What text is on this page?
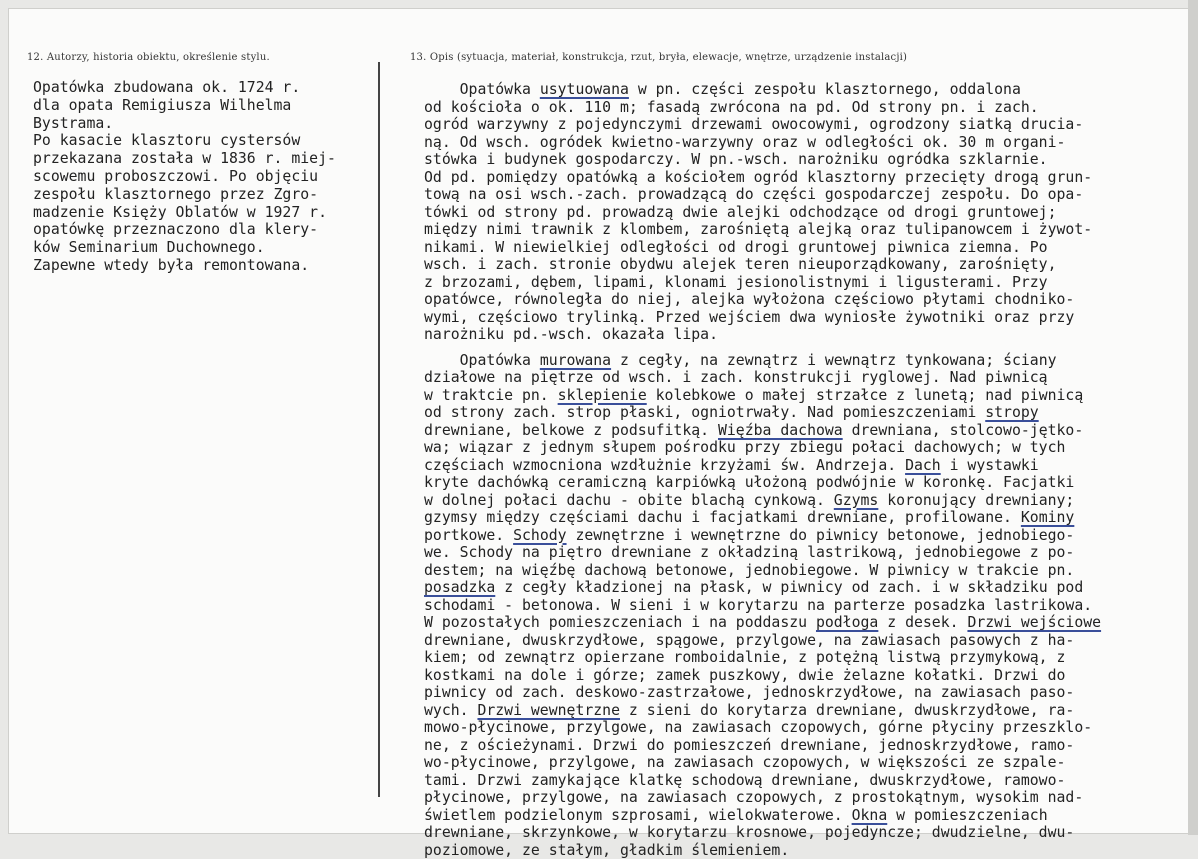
12. Autorzy, historia obiektu, określenie stylu.	13. Opis (sytuacja, materiał, konstrukcja, rzut, bryła, elewacje, wnętrze, urządzenie instalacji)
Opatówka zbudowana ok. 1724 r.
dla opata Remigiusza Wilhelma
Bystrama.
Po kasacie klasztoru cystersów
przekazana została w 1836 r. miej-
scowemu proboszczowi. Po objęciu
zespołu klasztornego przez Zgro-
madzenie Księży Oblatów w 1927 r.
opatówkę przeznaczono dla klery-
ków Seminarium Duchownego.
Zapewne wtedy była remontowana.
Opatówka usytuowana w pn. części zespołu klasztornego, oddalona
od kościoła o ok. 110 m; fasadą zwrócona na pd. Od strony pn. i zach.
ogród warzywny z pojedynczymi drzewami owocowymi, ogrodzony siatką druciа-
ną. Od wsch. ogródek kwietno-warzywny oraz w odległości ok. 30 m organi-
stówka i budynek gospodarczy. W pn.-wsch. narożniku ogródka szklarnie.
Od pd. pomiędzy opatówką a kościołem ogród klasztorny przecięty drogą grun-
tową na osi wsch.-zach. prowadzącą do części gospodarczej zespołu. Do opa-
tówki od strony pd. prowadzą dwie alejki odchodzące od drogi gruntowej;
między nimi trawnik z klombem, zarośniętą alejką oraz tulipanowcem i żywot-
nikami. W niewielkiej odległości od drogi gruntowej piwnica ziemna. Po
wsch. i zach. stronie obydwu alejek teren nieuporządkowany, zarośnięty,
z brzozami, dębem, lipami, klonami jesionolistnymi i ligusterami. Przy
opatówce, równoległa do niej, alejka wyłożona częściowo płytami chodniko-
wymi, częściowo trylinką. Przed wejściem dwa wyniosłe żywotniki oraz przy
narożniku pd.-wsch. okazała lipa.
Opatówka murowana z cegły, na zewnątrz i wewnątrz tynkowana; ściany
działowe na piętrze od wsch. i zach. konstrukcji ryglowej. Nad piwnicą
w traktcie pn. sklepienie kolebkowe o małej strzałce z lunetą; nad piwnicą
od strony zach. strop płaski, ogniotrwały. Nad pomieszczeniami stropy
drewniane, belkowe z podsufitką. Więźba dachowa drewniana, stolcowo-jętko-
wa; wiązar z jednym słupem pośrodku przy zbiegu połaci dachowych; w tych
częściach wzmocniona wzdłużnie krzyżami św. Andrzeja. Dach i wystawki
kryte dachówką ceramiczną karpiówką ułożoną podwójnie w koronkę. Facjatki
w dolnej połaci dachu - obite blachą cynkową. Gzyms koronujący drewniany;
gzymsy między częściami dachu i facjatkami drewniane, profilowane. Kominy
portkowe. Schody zewnętrzne i wewnętrzne do piwnicy betonowe, jednobiegо-
we. Schody na piętro drewniane z okładziną lastrikową, jednobiegowe z po-
destem; na więźbę dachową betonowe, jednobiegowe. W piwnicy w trakcie pn.
posadzka z cegły kładzionej na płask, w piwnicy od zach. i w składziku pod
schodami - betonowa. W sieni i w korytarzu na parterze posadzka lastrikowa.
W pozostałych pomieszczeniach i na poddaszu podłoga z desek. Drzwi wejściowe
drewniane, dwuskrzydłowe, spągowe, przylgowe, na zawiasach pasowych z ha-
kiem; od zewnątrz opierzane romboidalnie, z potężną listwą przymykową, z
kostkami na dole i górze; zamek puszkowy, dwie żelazne kołatki. Drzwi do
piwnicy od zach. deskowo-zastrzałowe, jednoskrzydłowe, na zawiasach paso-
wych. Drzwi wewnętrzne z sieni do korytarza drewniane, dwuskrzydłowe, ra-
mowo-płycinowe, przylgowe, na zawiasach czopowych, górne płyciny przeszklo-
ne, z ościeżynami. Drzwi do pomieszczeń drewniane, jednoskrzydłowe, ramo-
wo-płycinowe, przylgowe, na zawiasach czopowych, w większości ze szpale-
tami. Drzwi zamykające klatkę schodową drewniane, dwuskrzydłowe, ramowo-
płycinowe, przylgowe, na zawiasach czopowych, z prostokątnym, wysokim nad-
świetlem podzielonym szprosami, wielokwaterowe. Okna w pomieszczeniach
drewniane, skrzynkowe, w korytarzu krosnowe, pojedyncze; dwudzielne, dwu-
poziomowe, ze stałym, gładkim ślemieniem.
